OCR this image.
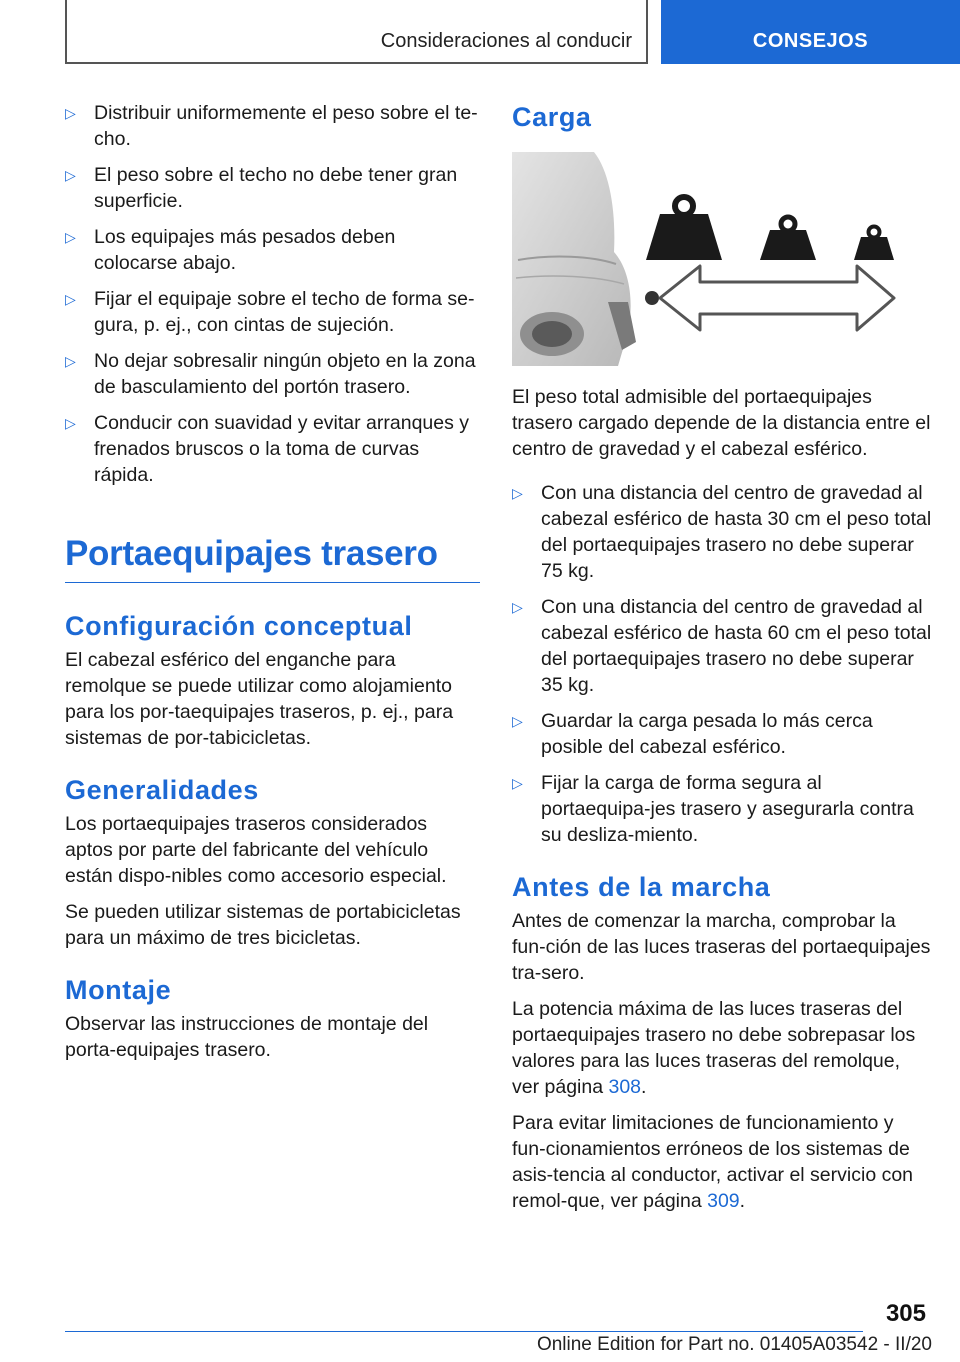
Consideraciones al conducir	CONSEJOS
▷ Distribuir uniformemente el peso sobre el te‐cho.
▷ El peso sobre el techo no debe tener gran superficie.
▷ Los equipajes más pesados deben colocarse abajo.
▷ Fijar el equipaje sobre el techo de forma se‐gura, p. ej., con cintas de sujeción.
▷ No dejar sobresalir ningún objeto en la zona de basculamiento del portón trasero.
▷ Conducir con suavidad y evitar arranques y frenados bruscos o la toma de curvas rápida.
Portaequipajes trasero
Configuración conceptual

El cabezal esférico del enganche para remolque se puede utilizar como alojamiento para los por‐taequipajes traseros, p. ej., para sistemas de por‐tabicicletas.

Generalidades

Los portaequipajes traseros considerados aptos por parte del fabricante del vehículo están dispo‐nibles como accesorio especial.

Se pueden utilizar sistemas de portabicicletas para un máximo de tres bicicletas.

Montaje

Observar las instrucciones de montaje del porta‐equipajes trasero.

Carga

El peso total admisible del portaequipajes trasero cargado depende de la distancia entre el centro de gravedad y el cabezal esférico.

▷ Con una distancia del centro de gravedad al cabezal esférico de hasta 30 cm el peso total del portaequipajes trasero no debe superar 75 kg.
▷ Con una distancia del centro de gravedad al cabezal esférico de hasta 60 cm el peso total del portaequipajes trasero no debe superar 35 kg.
▷ Guardar la carga pesada lo más cerca posible del cabezal esférico.
▷ Fijar la carga de forma segura al portaequipa‐jes trasero y asegurarla contra su desliza‐miento.
Antes de la marcha

Antes de comenzar la marcha, comprobar la fun‐ción de las luces traseras del portaequipajes tra‐sero.

La potencia máxima de las luces traseras del portaequipajes trasero no debe sobrepasar los valores para las luces traseras del remolque, ver página 308.

Para evitar limitaciones de funcionamiento y fun‐cionamientos erróneos de los sistemas de asis‐tencia al conductor, activar el servicio con remol‐que, ver página 309.

305
Online Edition for Part no. 01405A03542 - II/20
